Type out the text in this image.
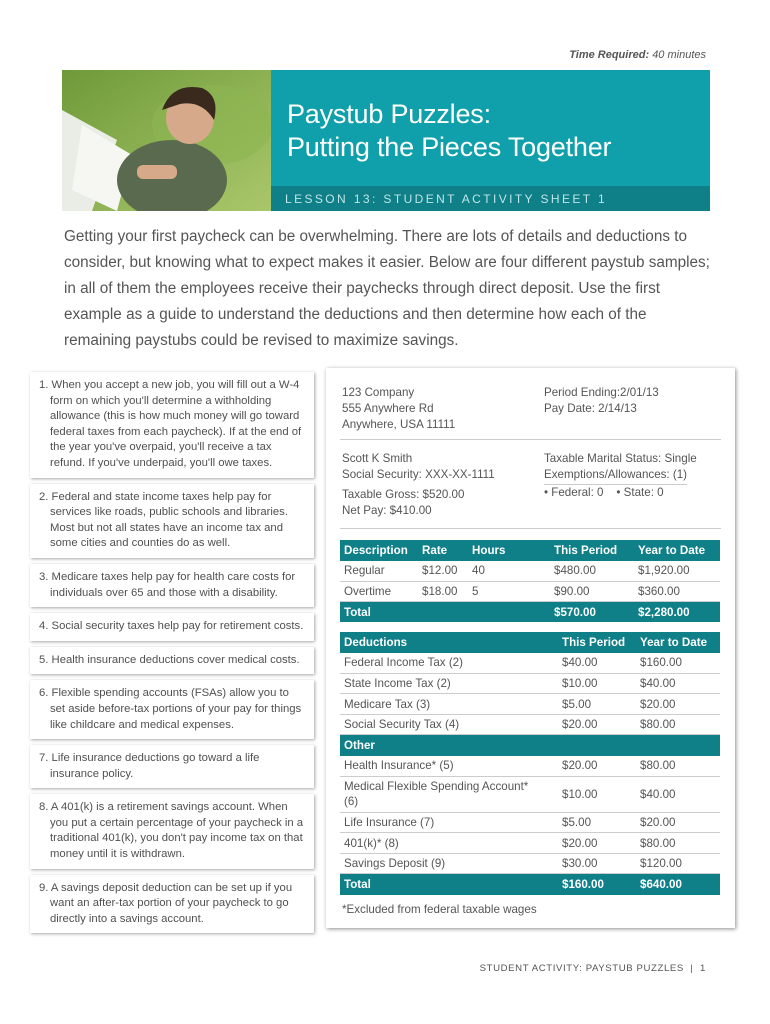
Time Required: 40 minutes
Paystub Puzzles:
Putting the Pieces Together
LESSON 13: STUDENT ACTIVITY SHEET 1
Getting your first paycheck can be overwhelming. There are lots of details and deductions to consider, but knowing what to expect makes it easier. Below are four different paystub samples; in all of them the employees receive their paychecks through direct deposit. Use the first example as a guide to understand the deductions and then determine how each of the remaining paystubs could be revised to maximize savings.
1. When you accept a new job, you will fill out a W-4 form on which you'll determine a withholding allowance (this is how much money will go toward federal taxes from each paycheck). If at the end of the year you've overpaid, you'll receive a tax refund. If you've underpaid, you'll owe taxes.
2. Federal and state income taxes help pay for services like roads, public schools and libraries. Most but not all states have an income tax and some cities and counties do as well.
3. Medicare taxes help pay for health care costs for individuals over 65 and those with a disability.
4. Social security taxes help pay for retirement costs.
5. Health insurance deductions cover medical costs.
6. Flexible spending accounts (FSAs) allow you to set aside before-tax portions of your pay for things like childcare and medical expenses.
7. Life insurance deductions go toward a life insurance policy.
8. A 401(k) is a retirement savings account. When you put a certain percentage of your paycheck in a traditional 401(k), you don't pay income tax on that money until it is withdrawn.
9. A savings deposit deduction can be set up if you want an after-tax portion of your paycheck to go directly into a savings account.
123 Company
555 Anywhere Rd
Anywhere, USA 11111
Period Ending:2/01/13
Pay Date: 2/14/13
Scott K Smith
Social Security: XXX-XX-1111
Taxable Marital Status: Single
Exemptions/Allowances: (1)
• Federal: 0 • State: 0
Taxable Gross: $520.00
Net Pay: $410.00
Description	Rate	Hours	This Period	Year to Date
Regular	$12.00	40	$480.00	$1,920.00
Overtime	$18.00	5	$90.00	$360.00
Total			$570.00	$2,280.00
Deductions	This Period	Year to Date
Federal Income Tax (2)	$40.00	$160.00
State Income Tax (2)	$10.00	$40.00
Medicare Tax (3)	$5.00	$20.00
Social Security Tax (4)	$20.00	$80.00
Other		
Health Insurance* (5)	$20.00	$80.00
Medical Flexible Spending Account* (6)	$10.00	$40.00
Life Insurance (7)	$5.00	$20.00
401(k)* (8)	$20.00	$80.00
Savings Deposit (9)	$30.00	$120.00
Total	$160.00	$640.00
*Excluded from federal taxable wages
STUDENT ACTIVITY: PAYSTUB PUZZLES  |  1
